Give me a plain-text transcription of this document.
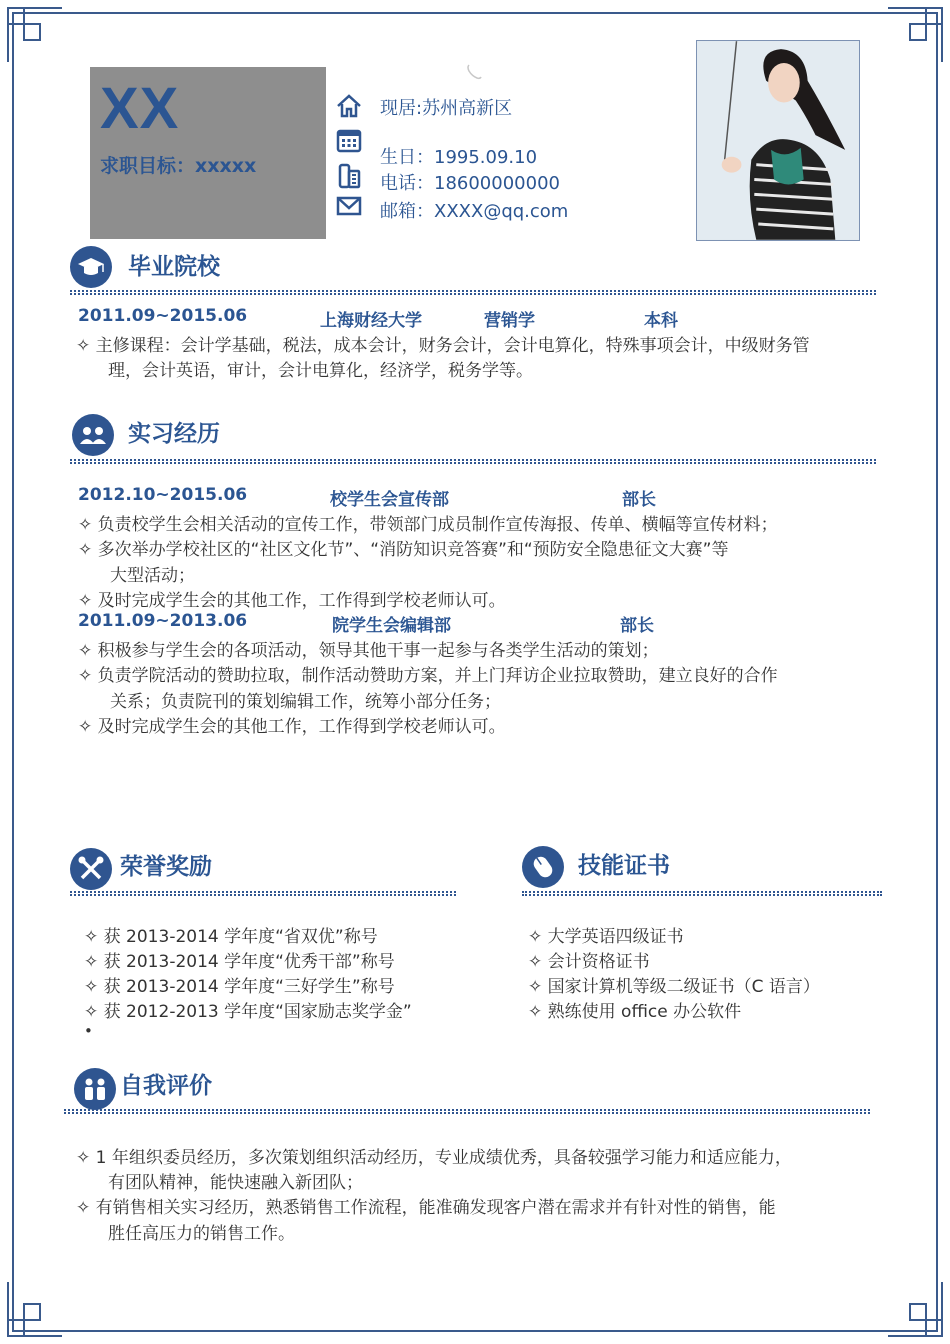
XX
求职目标：xxxxx
现居:苏州高新区
生日：1995.09.10
电话：18600000000
邮箱：XXXX@qq.com
毕业院校
2011.09~2015.06	上海财经大学	营销学	本科
✧ 主修课程：会计学基础，税法，成本会计，财务会计，会计电算化，特殊事项会计，中级财务管
理，会计英语，审计，会计电算化，经济学，税务学等。
实习经历
2012.10~2015.06	校学生会宣传部	部长
✧ 负责校学生会相关活动的宣传工作，带领部门成员制作宣传海报、传单、横幅等宣传材料；
✧ 多次举办学校社区的“社区文化节”、“消防知识竞答赛”和“预防安全隐患征文大赛”等
大型活动；
✧ 及时完成学生会的其他工作，工作得到学校老师认可。
2011.09~2013.06	院学生会编辑部	部长
✧ 积极参与学生会的各项活动，领导其他干事一起参与各类学生活动的策划；
✧ 负责学院活动的赞助拉取，制作活动赞助方案，并上门拜访企业拉取赞助，建立良好的合作
关系；负责院刊的策划编辑工作，统筹小部分任务；
✧ 及时完成学生会的其他工作，工作得到学校老师认可。
荣誉奖励
✧ 获 2013-2014 学年度“省双优”称号
✧ 获 2013-2014 学年度“优秀干部”称号
✧ 获 2013-2014 学年度“三好学生”称号
✧ 获 2012-2013 学年度“国家励志奖学金”
•
技能证书
✧ 大学英语四级证书
✧ 会计资格证书
✧ 国家计算机等级二级证书（C 语言）
✧ 熟练使用 office 办公软件
自我评价
✧ 1 年组织委员经历，多次策划组织活动经历，专业成绩优秀，具备较强学习能力和适应能力，
有团队精神，能快速融入新团队；
✧ 有销售相关实习经历，熟悉销售工作流程，能准确发现客户潜在需求并有针对性的销售，能
胜任高压力的销售工作。
